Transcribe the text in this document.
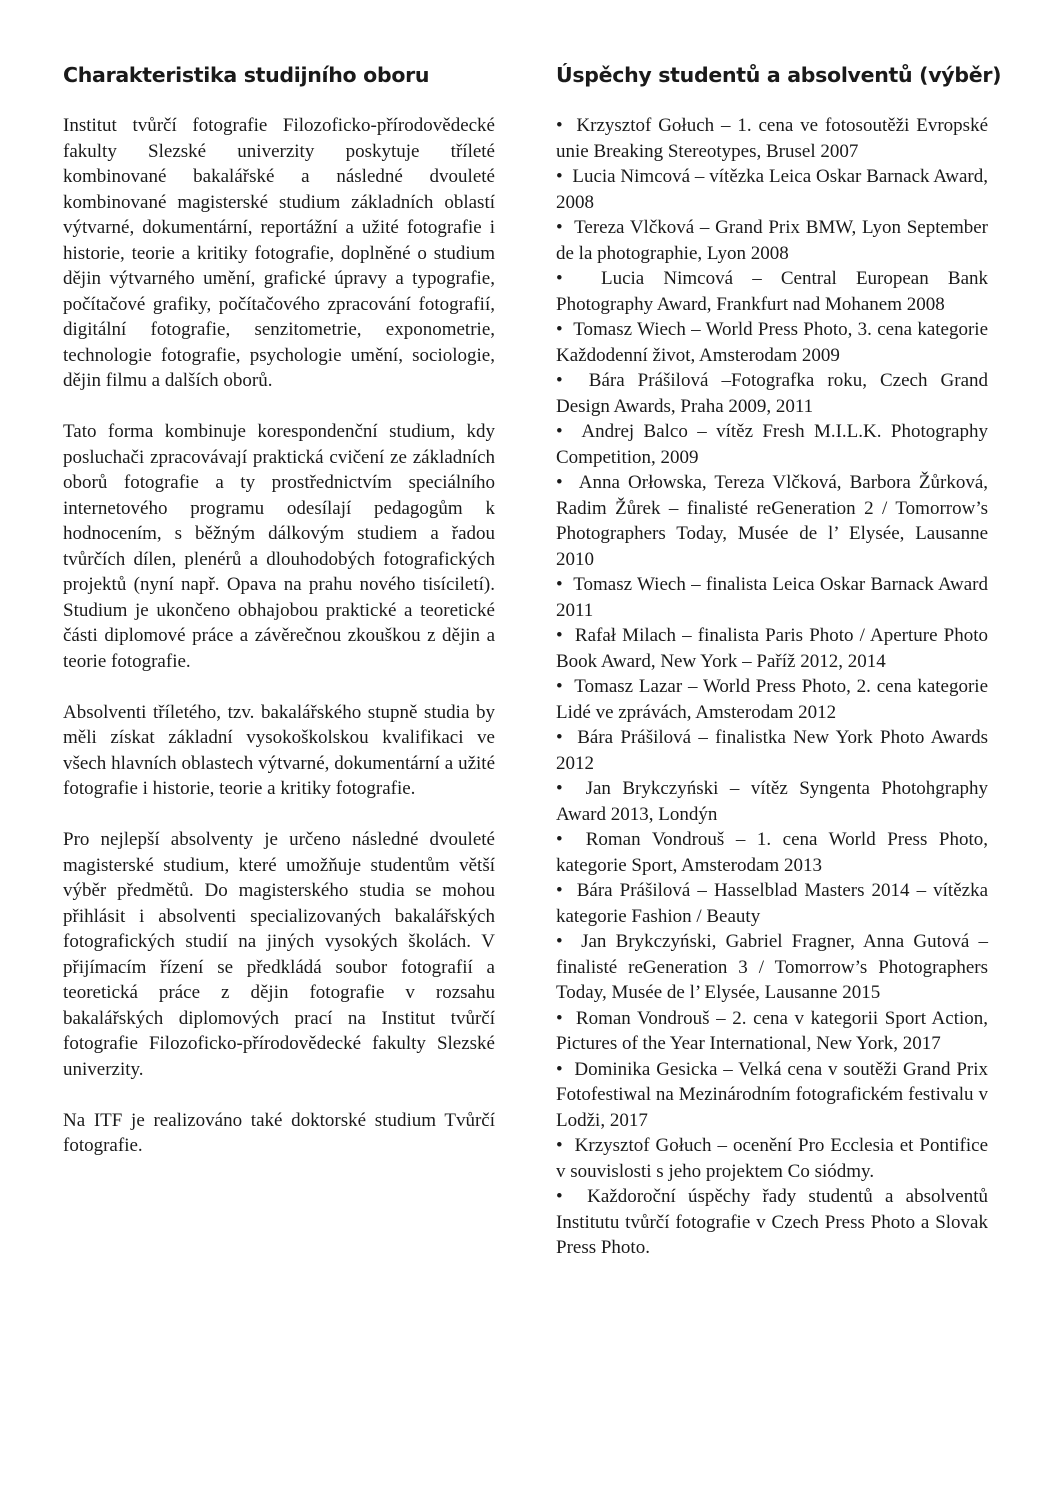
Charakteristika studijního oboru

Institut tvůrčí fotografie Filozoficko-přírodovědecké fakulty Slezské univerzity poskytuje tříleté kombinované bakalářské a následné dvouleté kombinované magisterské studium základních oblastí výtvarné, dokumentární, reportážní a užité fotografie i historie, teorie a kritiky fotografie, doplněné o studium dějin výtvarného umění, grafické úpravy a typografie, počítačové grafiky, počítačového zpracování fotografií, digitální fotografie, senzitometrie, exponometrie, technologie fotografie, psychologie umění, sociologie, dějin filmu a dalších oborů.

Tato forma kombinuje korespondenční studium, kdy posluchači zpracovávají praktická cvičení ze základních oborů fotografie a ty prostřednictvím speciálního internetového programu odesílají pedagogům k hodnocením, s běžným dálkovým studiem a řadou tvůrčích dílen, plenérů a dlouhodobých fotografických projektů (nyní např. Opava na prahu nového tisíciletí). Studium je ukončeno obhajobou praktické a teoretické části diplomové práce a závěrečnou zkouškou z dějin a teorie fotografie.

Absolventi tříletého, tzv. bakalářského stupně studia by měli získat základní vysokoškolskou kvalifikaci ve všech hlavních oblastech výtvarné, dokumentární a užité fotografie i historie, teorie a kritiky fotografie.

Pro nejlepší absolventy je určeno následné dvouleté magisterské studium, které umožňuje studentům větší výběr předmětů. Do magisterského studia se mohou přihlásit i absolventi specializovaných bakalářských fotografických studií na jiných vysokých školách. V přijímacím řízení se předkládá soubor fotografií a teoretická práce z dějin fotografie v rozsahu bakalářských diplomových prací na Institut tvůrčí fotografie Filozoficko-přírodovědecké fakulty Slezské univerzity.

Na ITF je realizováno také doktorské studium Tvůrčí fotografie.

Úspěchy studentů a absolventů (výběr)
•  Krzysztof Gołuch – 1. cena ve fotosoutěži Evropské unie Breaking Stereotypes, Brusel 2007
•  Lucia Nimcová – vítězka Leica Oskar Barnack Award, 2008
•  Tereza Vlčková – Grand Prix BMW, Lyon September de la photographie, Lyon 2008
•  Lucia Nimcová – Central European Bank Photography Award, Frankfurt nad Mohanem 2008
•  Tomasz Wiech – World Press Photo, 3. cena kategorie Každodenní život, Amsterodam 2009
•  Bára Prášilová –Fotografka roku, Czech Grand Design Awards, Praha 2009, 2011
•  Andrej Balco – vítěz Fresh M.I.L.K. Photography Competition, 2009
•  Anna Orłowska, Tereza Vlčková, Barbora Žůrková, Radim Žůrek – finalisté reGeneration 2 / Tomorrow’s Photographers Today, Musée de l’ Elysée, Lausanne 2010
•  Tomasz Wiech – finalista Leica Oskar Barnack Award 2011
•  Rafał Milach – finalista Paris Photo / Aperture Photo Book Award, New York – Paříž 2012, 2014
•  Tomasz Lazar – World Press Photo, 2. cena kategorie Lidé ve zprávách, Amsterodam 2012
•  Bára Prášilová – finalistka New York Photo Awards 2012
•  Jan Brykczyński – vítěz Syngenta Photohgraphy Award 2013, Londýn
•  Roman Vondrouš – 1. cena World Press Photo, kategorie Sport, Amsterodam 2013
•  Bára Prášilová – Hasselblad Masters 2014 – vítězka kategorie Fashion / Beauty
•  Jan Brykczyński, Gabriel Fragner, Anna Gutová – finalisté reGeneration 3 / Tomorrow’s Photographers Today, Musée de l’ Elysée, Lausanne 2015
•  Roman Vondrouš – 2. cena v kategorii Sport Action, Pictures of the Year International, New York, 2017
•  Dominika Gesicka – Velká cena v soutěži Grand Prix Fotofestiwal na Mezinárodním fotografickém festivalu v Lodži, 2017
•  Krzysztof Gołuch – ocenění Pro Ecclesia et Pontifice v souvislosti s jeho projektem Co siódmy.
•  Každoroční úspěchy řady studentů a absolventů Institutu tvůrčí fotografie v Czech Press Photo a Slovak Press Photo.
